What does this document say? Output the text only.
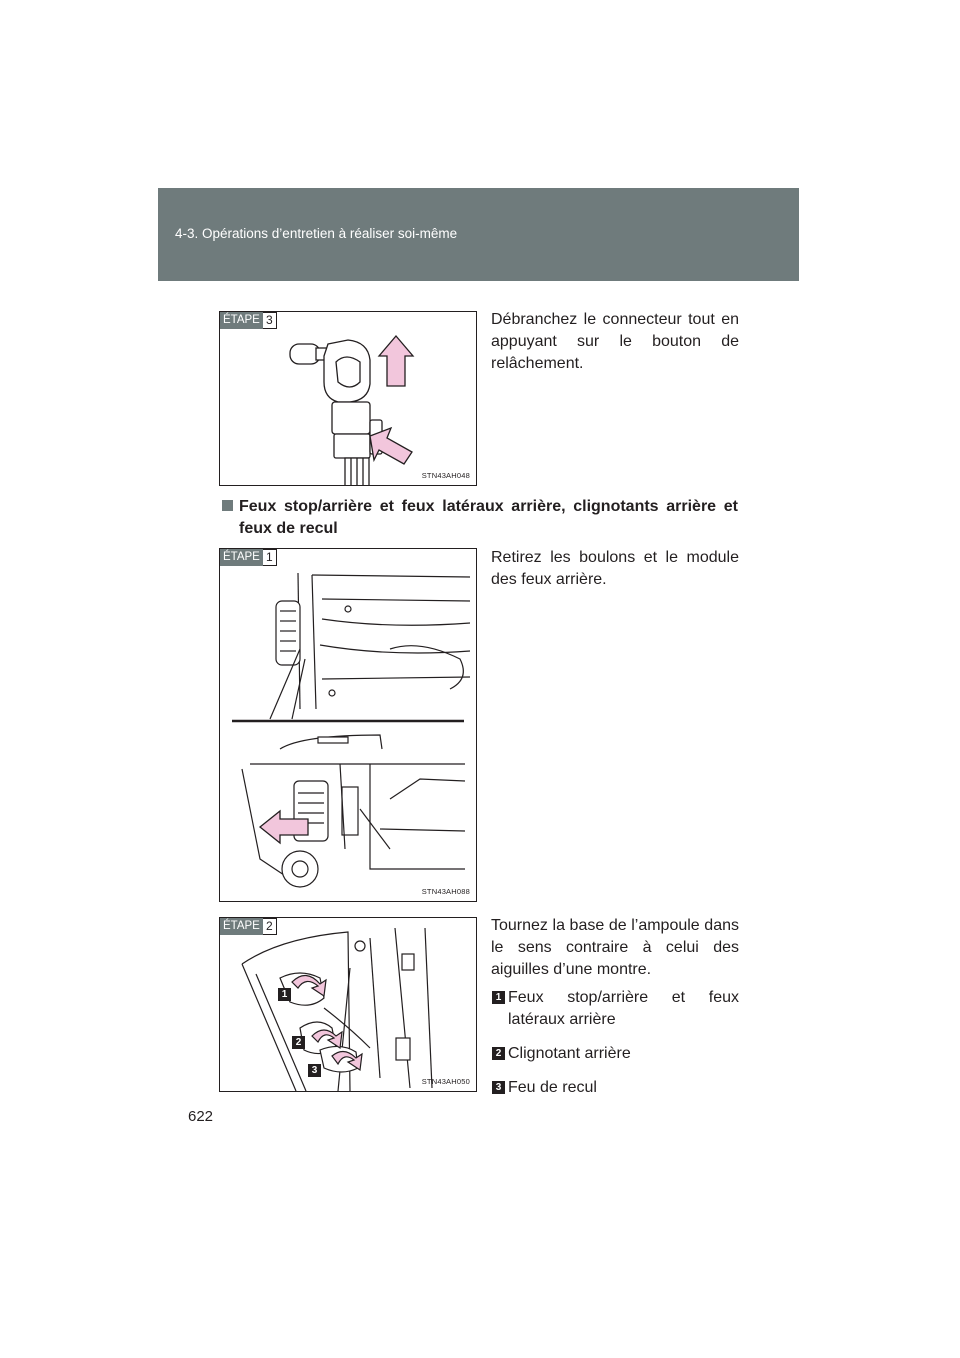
4-3. Opérations d’entretien à réaliser soi-même
ÉTAPE 3
STN43AH048
Débranchez le connecteur tout en appuyant sur le bouton de relâchement.
Feux stop/arrière et feux latéraux arrière, clignotants arrière et feux de recul
ÉTAPE 1
STN43AH088
Retirez les boulons et le module des feux arrière.
1
2
3
ÉTAPE 2
STN43AH050
Tournez la base de l’ampoule dans le sens contraire à celui des aiguilles d’une montre.
1 Feux stop/arrière et feux latéraux arrière
2 Clignotant arrière
3 Feu de recul
622
